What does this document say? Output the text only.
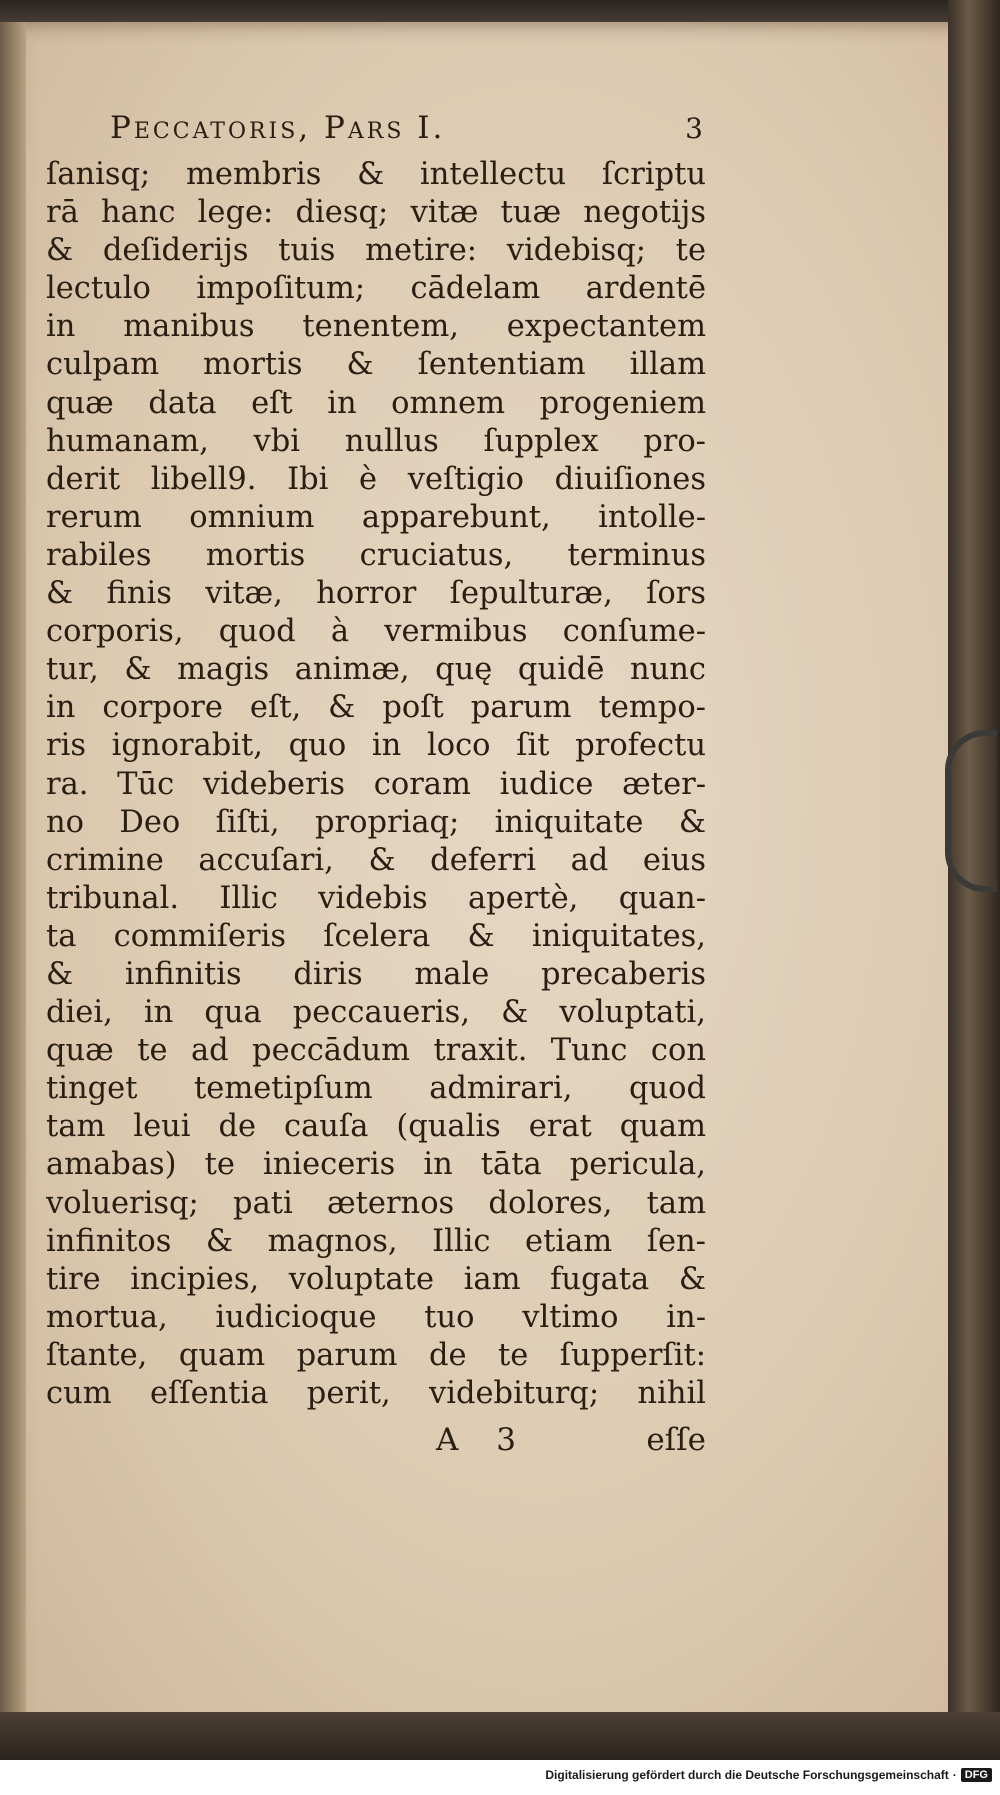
Peccatoris, Pars I.	3
ſanisq; membris & intellectu ſcriptu
rā hanc lege: diesq; vitæ tuæ negotijs
& deſiderijs tuis metire: videbisq; te
lectulo impoſitum; cādelam ardentē
in manibus tenentem, expectantem
culpam mortis & ſententiam illam
quæ data eſt in omnem progeniem
humanam, vbi nullus ſupplex pro-
derit libell9. Ibi è veſtigio diuiſiones
rerum omnium apparebunt, intolle-
rabiles mortis cruciatus, terminus
& finis vitæ, horror ſepulturæ, ſors
corporis, quod à vermibus conſume-
tur, & magis animæ, quę quidē nunc
in corpore eſt, & poſt parum tempo-
ris ignorabit, quo in loco ſit profectu
ra. Tūc videberis coram iudice æter-
no Deo ſiſti, propriaq; iniquitate &
crimine accuſari, & deferri ad eius
tribunal. Illic videbis apertè, quan-
ta commiſeris ſcelera & iniquitates,
& infinitis diris male precaberis
diei, in qua peccaueris, & voluptati,
quæ te ad peccādum traxit. Tunc con
tinget temetipſum admirari, quod
tam leui de cauſa (qualis erat quam
amabas) te inieceris in tāta pericula,
voluerisq; pati æternos dolores, tam
infinitos & magnos, Illic etiam ſen-
tire incipies, voluptate iam fugata &
mortua, iudicioque tuo vltimo in-
ſtante, quam parum de te ſupperſit:
cum eſſentia perit, videbiturq; nihil
A 3	eſſe
Digitalisierung gefördert durch die Deutsche Forschungsgemeinschaft · DFG
